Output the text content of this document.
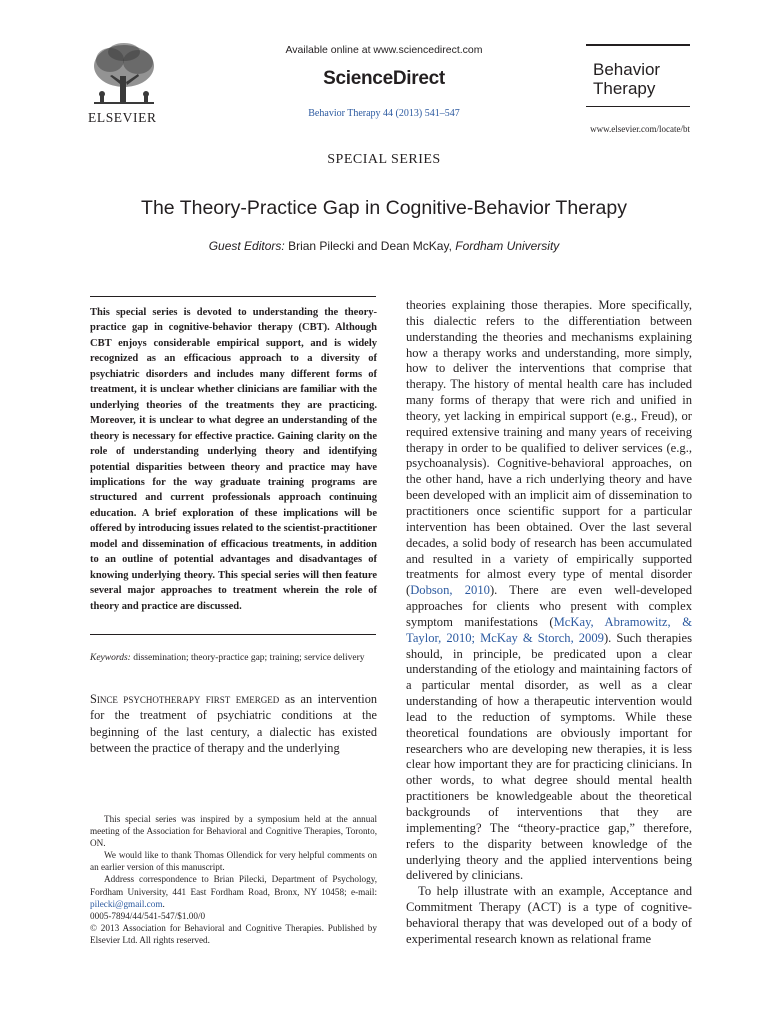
ELSEVIER
Available online at www.sciencedirect.com
ScienceDirect
Behavior Therapy 44 (2013) 541–547
Behavior
Therapy
www.elsevier.com/locate/bt
SPECIAL SERIES
The Theory-Practice Gap in Cognitive-Behavior Therapy
Guest Editors: Brian Pilecki and Dean McKay, Fordham University

This special series is devoted to understanding the theory-practice gap in cognitive-behavior therapy (CBT). Although CBT enjoys considerable empirical support, and is widely recognized as an efficacious approach to a diversity of psychiatric disorders and includes many different forms of treatment, it is unclear whether clinicians are familiar with the underlying theories of the treatments they are practicing. Moreover, it is unclear to what degree an understanding of the theory is necessary for effective practice. Gaining clarity on the role of understanding underlying theory and identifying potential disparities between theory and practice may have implications for the way graduate training programs are structured and current professionals approach continuing education. A brief exploration of these implications will be offered by introducing issues related to the scientist-practitioner model and dissemination of efficacious treatments, in addition to an outline of potential advantages and disadvantages of knowing underlying theory. This special series will then feature several major approaches to treatment wherein the role of theory and practice are discussed.

Keywords: dissemination; theory-practice gap; training; service delivery

Since psychotherapy first emerged as an intervention for the treatment of psychiatric conditions at the beginning of the last century, a dialectic has existed between the practice of therapy and the underlying

This special series was inspired by a symposium held at the annual meeting of the Association for Behavioral and Cognitive Therapies, Toronto, ON.

We would like to thank Thomas Ollendick for very helpful comments on an earlier version of this manuscript.

Address correspondence to Brian Pilecki, Department of Psychology, Fordham University, 441 East Fordham Road, Bronx, NY 10458; e-mail: pilecki@gmail.com.

0005-7894/44/541-547/$1.00/0

© 2013 Association for Behavioral and Cognitive Therapies. Published by Elsevier Ltd. All rights reserved.

theories explaining those therapies. More specifically, this dialectic refers to the differentiation between understanding the theories and mechanisms explaining how a therapy works and understanding, more simply, how to deliver the interventions that comprise that therapy. The history of mental health care has included many forms of therapy that were rich and unified in theory, yet lacking in empirical support (e.g., Freud), or required extensive training and many years of receiving therapy in order to be qualified to deliver services (e.g., psychoanalysis). Cognitive-behavioral approaches, on the other hand, have a rich underlying theory and have been developed with an implicit aim of dissemination to practitioners once scientific support for a particular intervention has been obtained. Over the last several decades, a solid body of research has been accumulated and resulted in a variety of empirically supported treatments for almost every type of mental disorder (Dobson, 2010). There are even well-developed approaches for clients who present with complex symptom manifestations (McKay, Abramowitz, & Taylor, 2010; McKay & Storch, 2009). Such therapies should, in principle, be predicated upon a clear understanding of the etiology and maintaining factors of a particular mental disorder, as well as a clear understanding of how a therapeutic intervention would lead to the reduction of symptoms. While these theoretical foundations are obviously important for researchers who are developing new therapies, it is less clear how important they are for practicing clinicians. In other words, to what degree should mental health practitioners be knowledgeable about the theoretical backgrounds of interventions that they are implementing? The “theory-practice gap,” therefore, refers to the disparity between knowledge of the underlying theory and the applied interventions being delivered by clinicians.

To help illustrate with an example, Acceptance and Commitment Therapy (ACT) is a type of cognitive-behavioral therapy that was developed out of a body of experimental research known as relational frame
